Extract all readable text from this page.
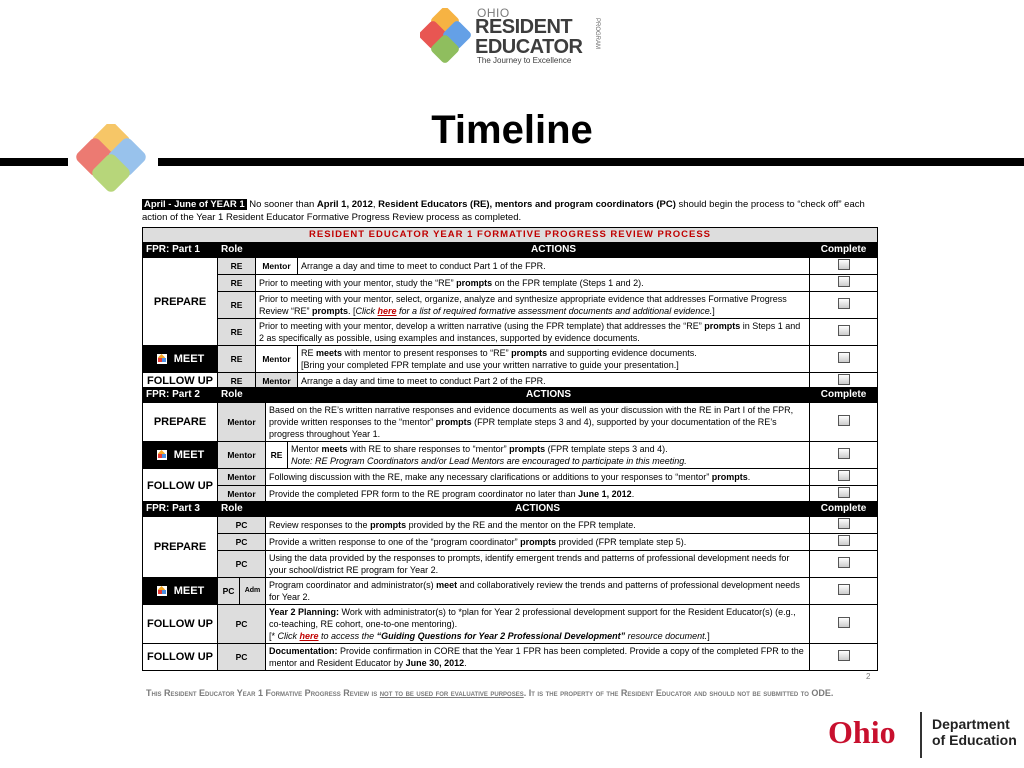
OHIO
RESIDENT
EDUCATOR
The Journey to Excellence
PROGRAM
Timeline
April - June of YEAR 1 No sooner than April 1, 2012, Resident Educators (RE), mentors and program coordinators (PC) should begin the process to “check off” each action of the Year 1 Resident Educator Formative Progress Review process as completed.
RESIDENT EDUCATOR YEAR 1 FORMATIVE PROGRESS REVIEW PROCESS				
FPR: Part 1	Role		ACTIONS	Complete
PREPARE	RE	Mentor	Arrange a day and time to meet to conduct Part 1 of the FPR.	
	RE	Prior to meeting with your mentor, study the “RE” prompts on the FPR template (Steps 1 and 2).		
	RE	Prior to meeting with your mentor, select, organize, analyze and synthesize appropriate evidence that addresses Formative Progress Review “RE” prompts. [Click here for a list of required formative assessment documents and additional evidence.]		
	RE	Prior to meeting with your mentor, develop a written narrative (using the FPR template) that addresses the “RE” prompts in Steps 1 and 2 as specifically as possible, using examples and instances, supported by evidence documents.		
MEET	RE	Mentor	RE meets with mentor to present responses to “RE” prompts and supporting evidence documents.
[Bring your completed FPR template and use your written narrative to guide your presentation.]	
FOLLOW UP	RE	Mentor	Arrange a day and time to meet to conduct Part 2 of the FPR.	
FPR: Part 2	Role		ACTIONS	Complete
PREPARE	Mentor	Based on the RE’s written narrative responses and evidence documents as well as your discussion with the RE in Part I of the FPR, provide written responses to the “mentor” prompts (FPR template steps 3 and 4), supported by your documentation of the RE’s progress throughout Year 1.		
MEET	Mentor	RE	Mentor meets with RE to share responses to “mentor” prompts (FPR template steps 3 and 4).
Note: RE Program Coordinators and/or Lead Mentors are encouraged to participate in this meeting.	
FOLLOW UP	Mentor	Following discussion with the RE, make any necessary clarifications or additions to your responses to “mentor” prompts.		
	Mentor	Provide the completed FPR form to the RE program coordinator no later than June 1, 2012.		
FPR: Part 3	Role		ACTIONS	Complete
PREPARE	PC		Review responses to the prompts provided by the RE and the mentor on the FPR template.	
	PC		Provide a written response to one of the “program coordinator” prompts provided (FPR template step 5).	
	PC		Using the data provided by the responses to prompts, identify emergent trends and patterns of professional development needs for your school/district RE program for Year 2.	
MEET	PC	Adm	Program coordinator and administrator(s) meet and collaboratively review the trends and patterns of professional development needs for Year 2.	
FOLLOW UP	PC		Year 2 Planning: Work with administrator(s) to *plan for Year 2 professional development support for the Resident Educator(s) (e.g., co-teaching, RE cohort, one-to-one mentoring).
[* Click here to access the “Guiding Questions for Year 2 Professional Development” resource document.]	
FOLLOW UP	PC		Documentation: Provide confirmation in CORE that the Year 1 FPR has been completed. Provide a copy of the completed FPR to the mentor and Resident Educator by June 30, 2012.	
2
This Resident Educator Year 1 Formative Progress Review is not to be used for evaluative purposes. It is the property of the Resident Educator and should not be submitted to ODE.
Ohio	Department
of Education
